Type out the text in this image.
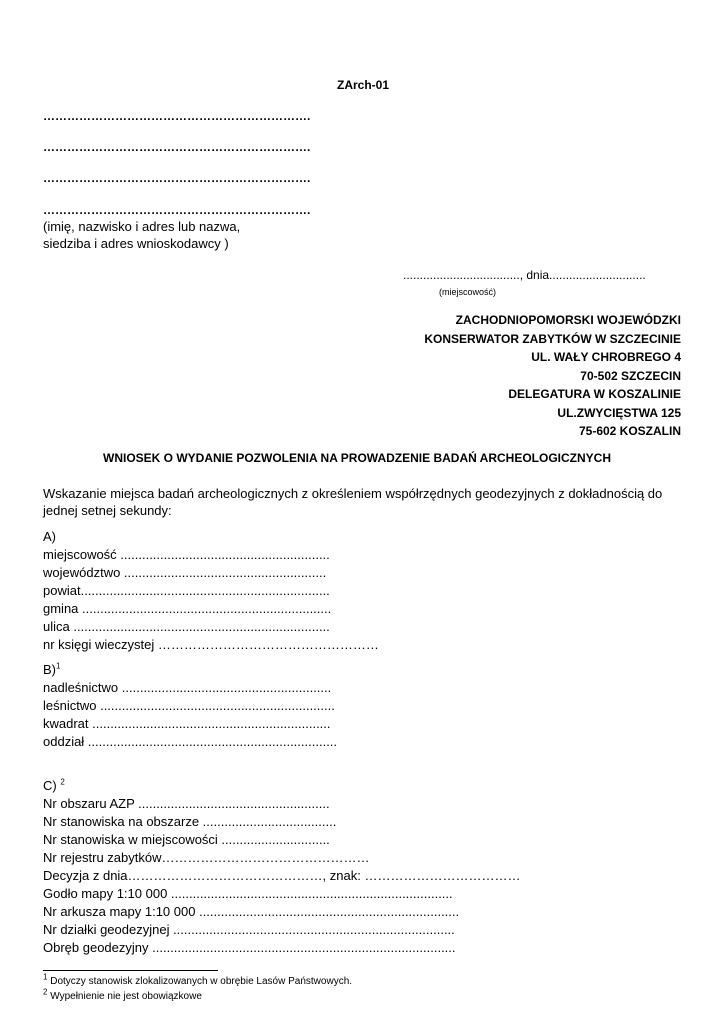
ZArch-01
………………………………………………………….
………………………………………………………….
………………………………………………………….
………………………………………………………….
(imię, nazwisko i adres lub nazwa,
siedziba i adres wnioskodawcy )
..................................., dnia.............................
(miejscowość)
ZACHODNIOPOMORSKI WOJEWÓDZKI
KONSERWATOR ZABYTKÓW W SZCZECINIE
UL. WAŁY CHROBREGO 4
70-502 SZCZECIN
DELEGATURA W KOSZALINIE
UL.ZWYCIĘSTWA 125
75-602 KOSZALIN
WNIOSEK O WYDANIE POZWOLENIA NA PROWADZENIE BADAŃ ARCHEOLOGICZNYCH
Wskazanie miejsca badań archeologicznych z określeniem współrzędnych geodezyjnych z dokładnością do
jednej setnej sekundy:
A)
miejscowość ..........................................................
województwo ........................................................
powiat.....................................................................
gmina .....................................................................
ulica .......................................................................
nr księgi wieczystej ……………………………………………
B)$^1$
nadleśnictwo ..........................................................
leśnictwo .................................................................
kwadrat ..................................................................
oddział .....................................................................
C) $^2$
Nr obszaru AZP .....................................................
Nr stanowiska na obszarze .....................................
Nr stanowiska w miejscowości ..............................
Nr rejestru zabytków…………………………………………
Decyzja z dnia………………………………………, znak: ………………………………
Godło mapy 1:10 000 ..............................................................................
Nr arkusza mapy 1:10 000 ........................................................................
Nr działki geodezyjnej ..............................................................................
Obręb geodezyjny ....................................................................................
$^1$ Dotyczy stanowisk zlokalizowanych w obrębie Lasów Państwowych.
$^2$ Wypełnienie nie jest obowiązkowe
